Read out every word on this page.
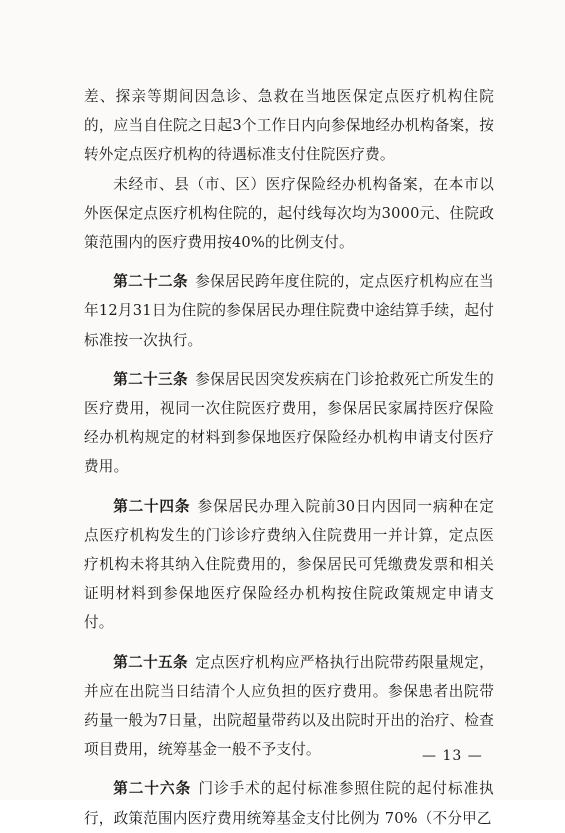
差、探亲等期间因急诊、急救在当地医保定点医疗机构住院的，应当自住院之日起3个工作日内向参保地经办机构备案，按转外定点医疗机构的待遇标准支付住院医疗费。

未经市、县（市、区）医疗保险经办机构备案，在本市以外医保定点医疗机构住院的，起付线每次均为3000元、住院政策范围内的医疗费用按40%的比例支付。

第二十二条 参保居民跨年度住院的，定点医疗机构应在当年12月31日为住院的参保居民办理住院费中途结算手续，起付标准按一次执行。

第二十三条 参保居民因突发疾病在门诊抢救死亡所发生的医疗费用，视同一次住院医疗费用，参保居民家属持医疗保险经办机构规定的材料到参保地医疗保险经办机构申请支付医疗费用。

第二十四条 参保居民办理入院前30日内因同一病种在定点医疗机构发生的门诊诊疗费纳入住院费用一并计算，定点医疗机构未将其纳入住院费用的，参保居民可凭缴费发票和相关证明材料到参保地医疗保险经办机构按住院政策规定申请支付。

第二十五条 定点医疗机构应严格执行出院带药限量规定，并应在出院当日结清个人应负担的医疗费用。参保患者出院带药量一般为7日量，出院超量带药以及出院时开出的治疗、检查项目费用，统筹基金一般不予支付。

第二十六条 门诊手术的起付标准参照住院的起付标准执行，政策范围内医疗费用统筹基金支付比例为 70%（不分甲乙

— 13 —
